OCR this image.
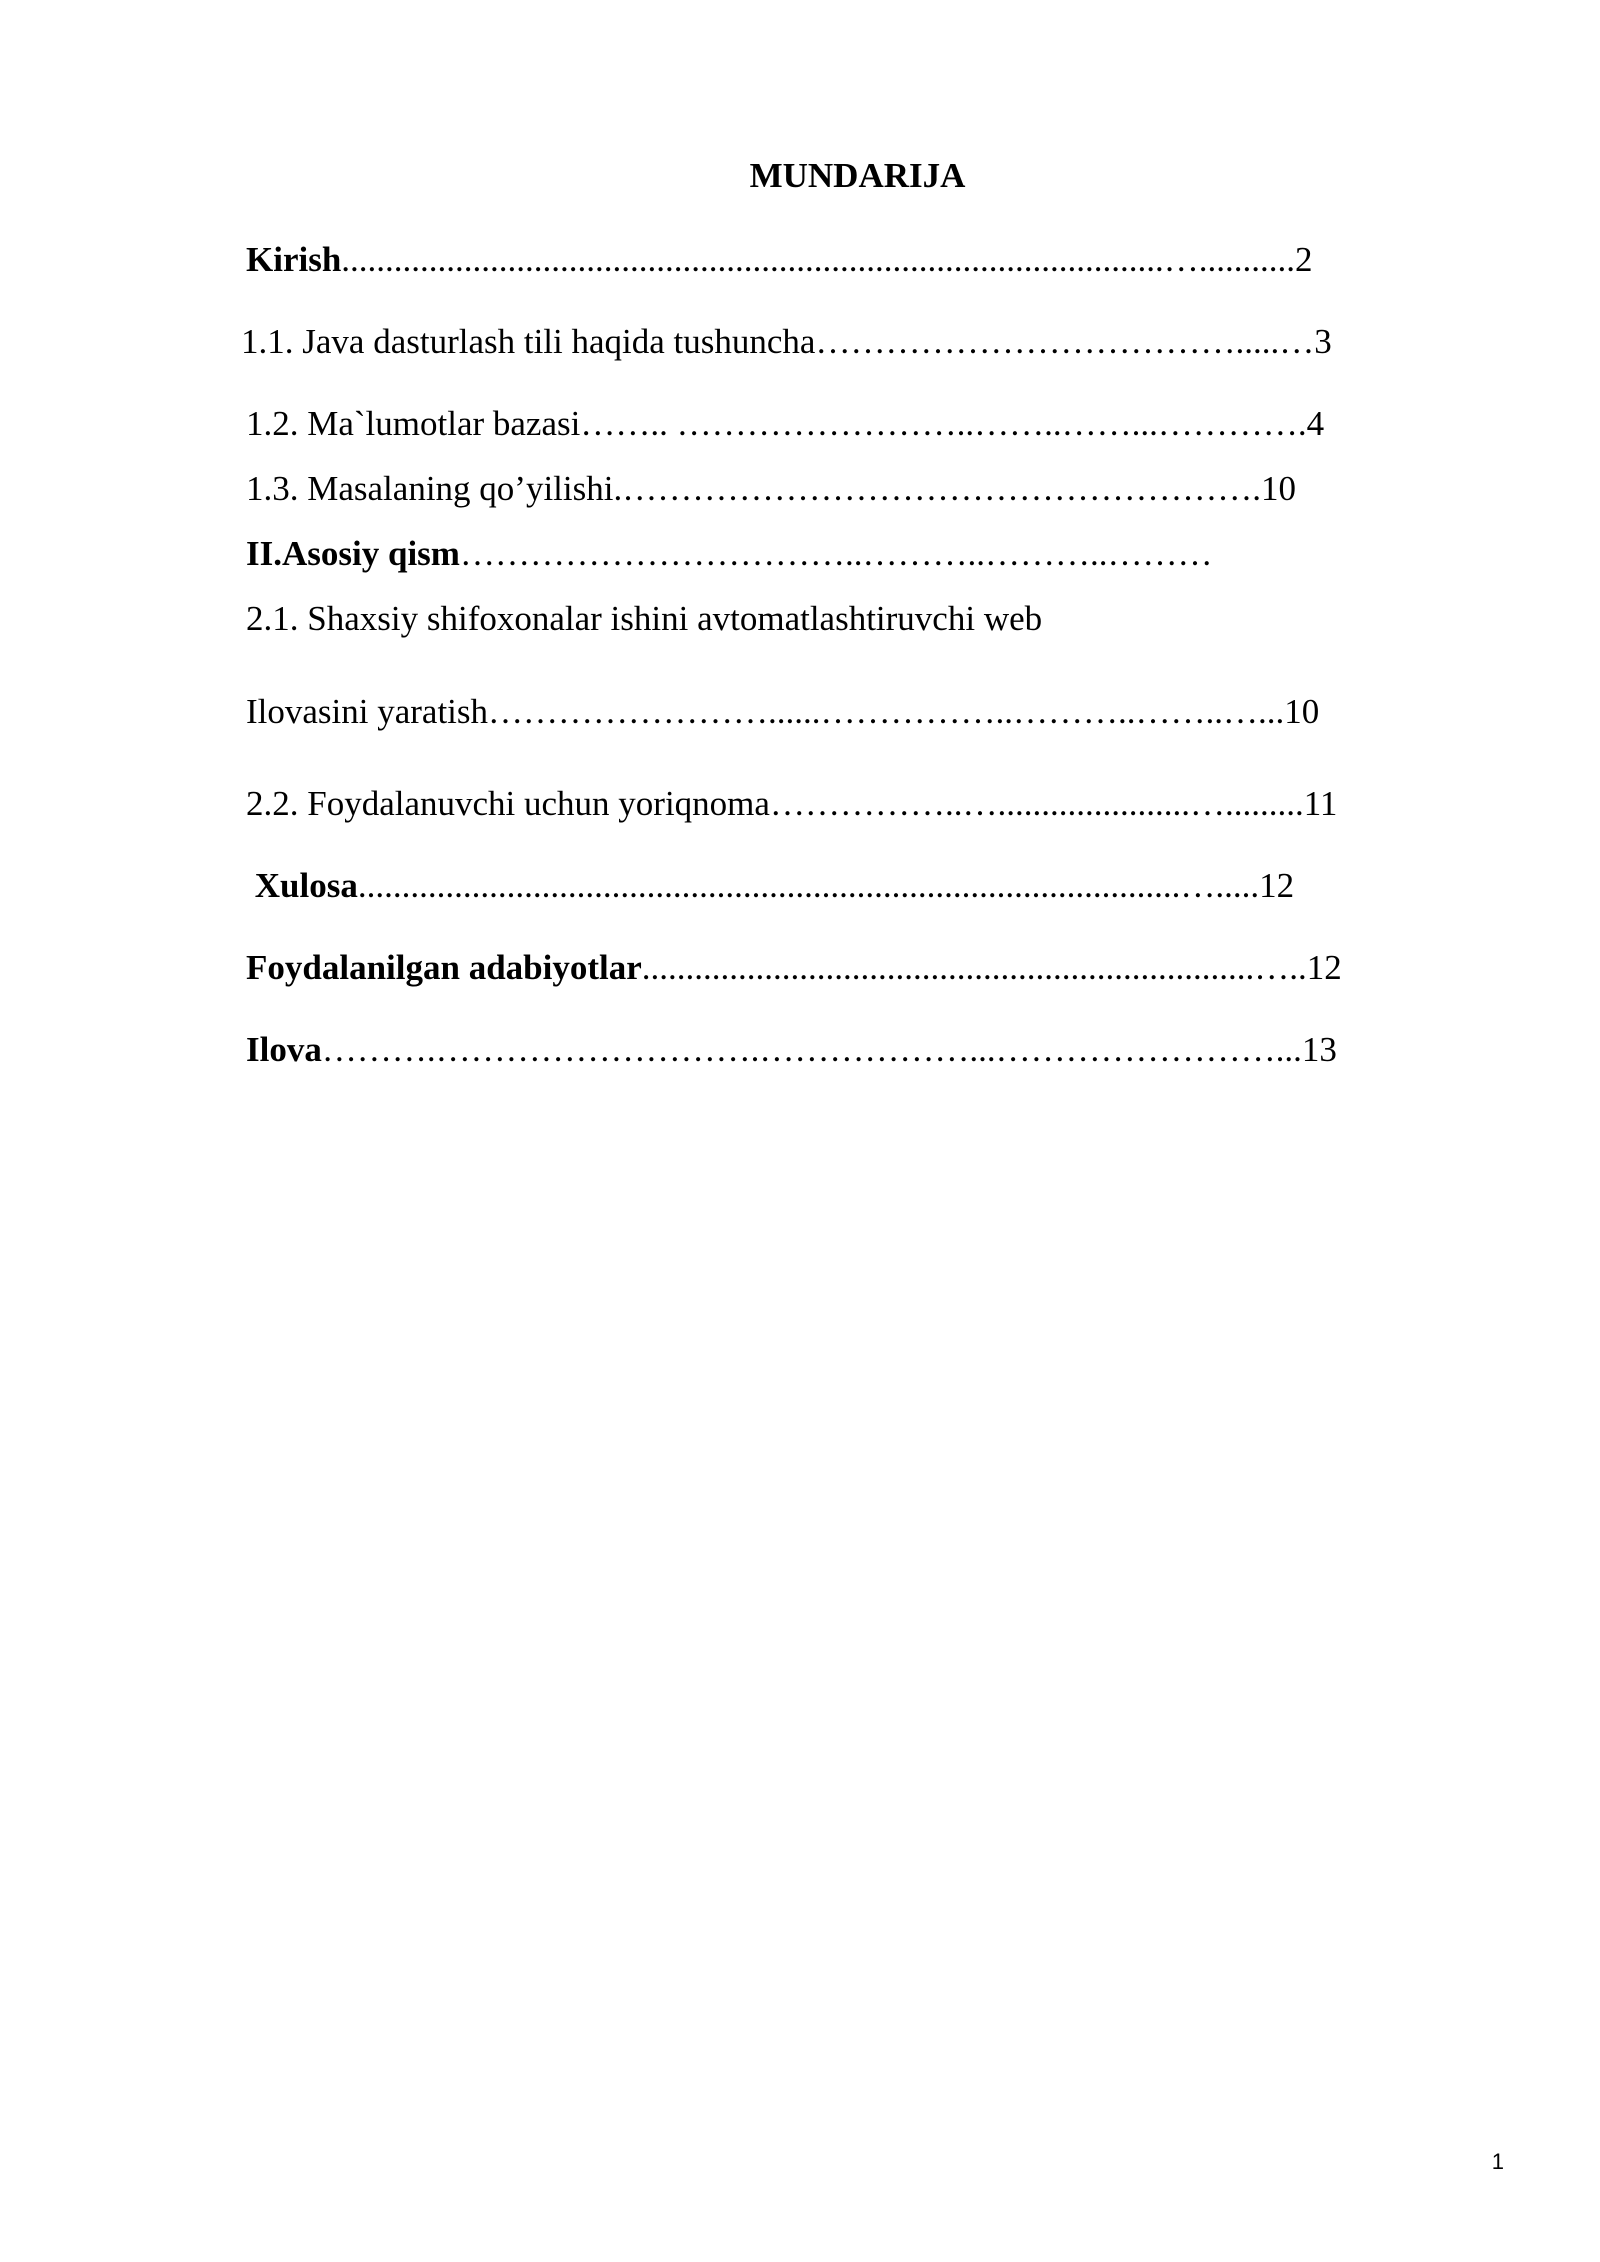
MUNDARIJA

Kirish..............................................................................................…...........2

1.1. Java dasturlash tili haqida tushuncha……………………………….....…3

1.2. Ma`lumotlar bazasi…….. ……………………..……..……...………….4

1.3. Masalaning qo’yilishi.……………………………………………….10

II.Asosiy qism……………………………..………..………..………

2.1. Shaxsiy shifoxonalar ishini avtomatlashtiruvchi web

Ilovasini yaratish……………………......……………..………..……..…...10

2.2. Foydalanuvchi uchun yoriqnoma……………..…......................….........11

Xulosa..............................................................................................….....12

Foydalanilgan adabiyotlar......................................................................…..12

Ilova……….……………………….………………...……………………...13

1
